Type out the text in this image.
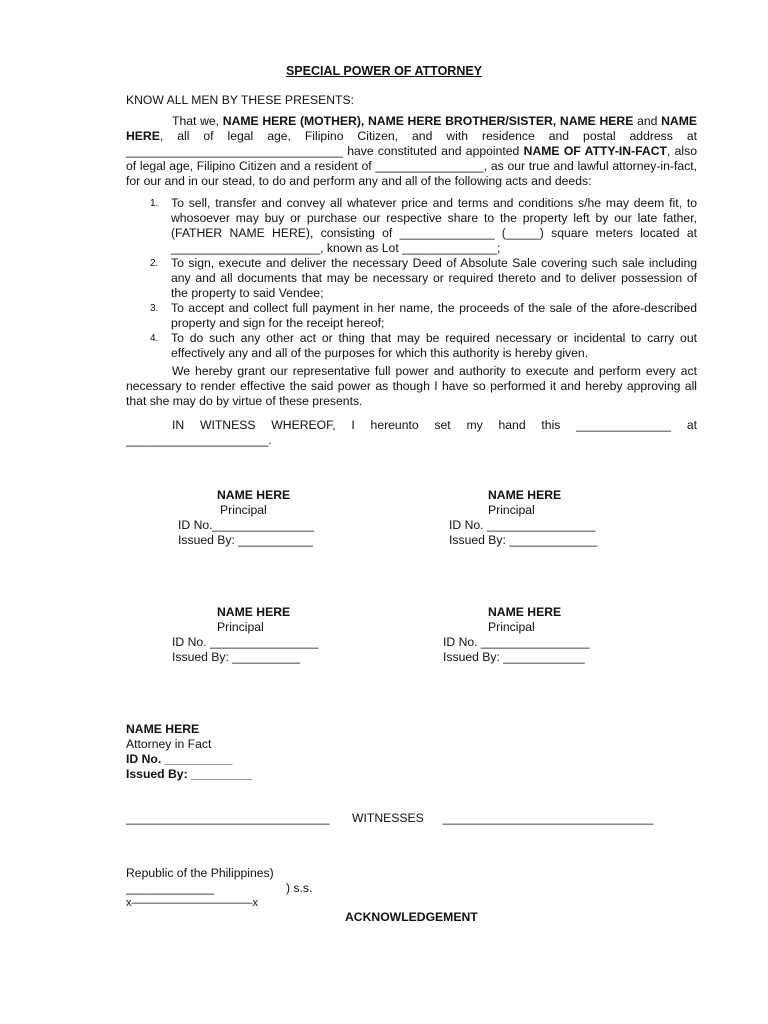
SPECIAL POWER OF ATTORNEY
KNOW ALL MEN BY THESE PRESENTS:
That we, NAME HERE (MOTHER), NAME HERE BROTHER/SISTER, NAME HERE and NAME HERE, all of legal age, Filipino Citizen, and with residence and postal address at ________________________________ have constituted and appointed NAME OF ATTY-IN-FACT, also of legal age, Filipino Citizen and a resident of ________________, as our true and lawful attorney-in-fact, for our and in our stead, to do and perform any and all of the following acts and deeds:
1.	To sell, transfer and convey all whatever price and terms and conditions s/he may deem fit, to whosoever may buy or purchase our respective share to the property left by our late father, (FATHER NAME HERE), consisting of ______________ (_____) square meters located at ______________________, known as Lot ______________;
2.	To sign, execute and deliver the necessary Deed of Absolute Sale covering such sale including any and all documents that may be necessary or required thereto and to deliver possession of the property to said Vendee;
3.	To accept and collect full payment in her name, the proceeds of the sale of the afore-described property and sign for the receipt hereof;
4.	To do such any other act or thing that may be required necessary or incidental to carry out effectively any and all of the purposes for which this authority is hereby given.
We hereby grant our representative full power and authority to execute and perform every act necessary to render effective the said power as though I have so performed it and hereby approving all that she may do by virtue of these presents.
IN WITNESS WHEREOF, I hereunto set my hand this ______________ at
_____________________.
NAME HERE
Principal
ID No._______________
Issued By: ___________
NAME HERE
Principal
ID No. ________________
Issued By: _____________
NAME HERE
Principal
ID No. ________________
Issued By: __________
NAME HERE
Principal
ID No. ________________
Issued By: ____________
NAME HERE
Attorney in Fact
ID No. __________
Issued By: _________
______________________________ WITNESSES _______________________________
Republic of the Philippines)
_____________	) s.s.
x———————————x
ACKNOWLEDGEMENT
